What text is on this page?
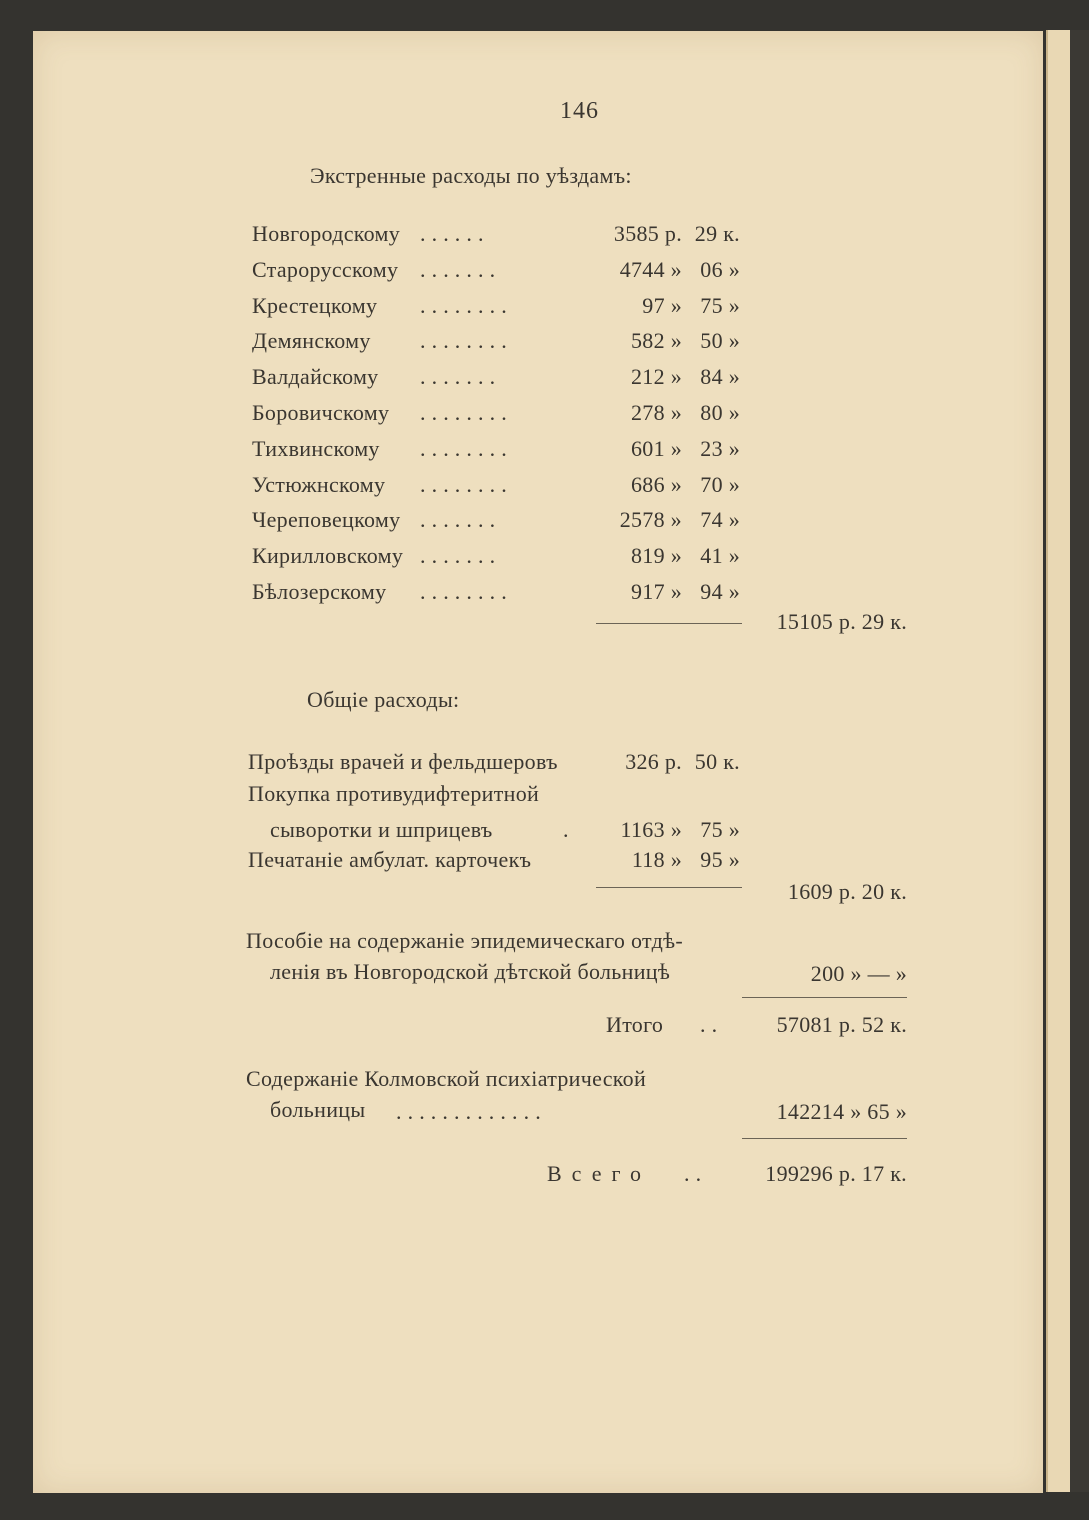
146
Экстренные расходы по уѣздамъ:
Новгородскому . . . . . .	3585 р. 29 к.
Старорусскому . . . . . . .	4744 » 06 »
Крестецкому . . . . . . . .	97 » 75 »
Демянскому . . . . . . . .	582 » 50 »
Валдайскому . . . . . . .	212 » 84 »
Боровичскому . . . . . . . .	278 » 80 »
Тихвинскому . . . . . . . .	601 » 23 »
Устюжнскому . . . . . . . .	686 » 70 »
Череповецкому . . . . . . .	2578 » 74 »
Кирилловскому . . . . . . .	819 » 41 »
Бѣлозерскому . . . . . . . .	917 » 94 »
15105 р. 29 к.
Общіе расходы:
Проѣзды врачей и фельдшеровъ	326 р. 50 к.
Покупка противудифтеритной
сыворотки и шприцевъ	.	1163 » 75 »
Печатаніе амбулат. карточекъ	118 » 95 »
1609 р. 20 к.
Пособіе на содержаніе эпидемическаго отдѣ-
ленія въ Новгородской дѣтской больницѣ	200 » — »
Итого . .	57081 р. 52 к.
Содержаніе Колмовской психіатрической
больницы . . . . . . . . . . . . .	142214 » 65 »
Всего . .	199296 р. 17 к.
